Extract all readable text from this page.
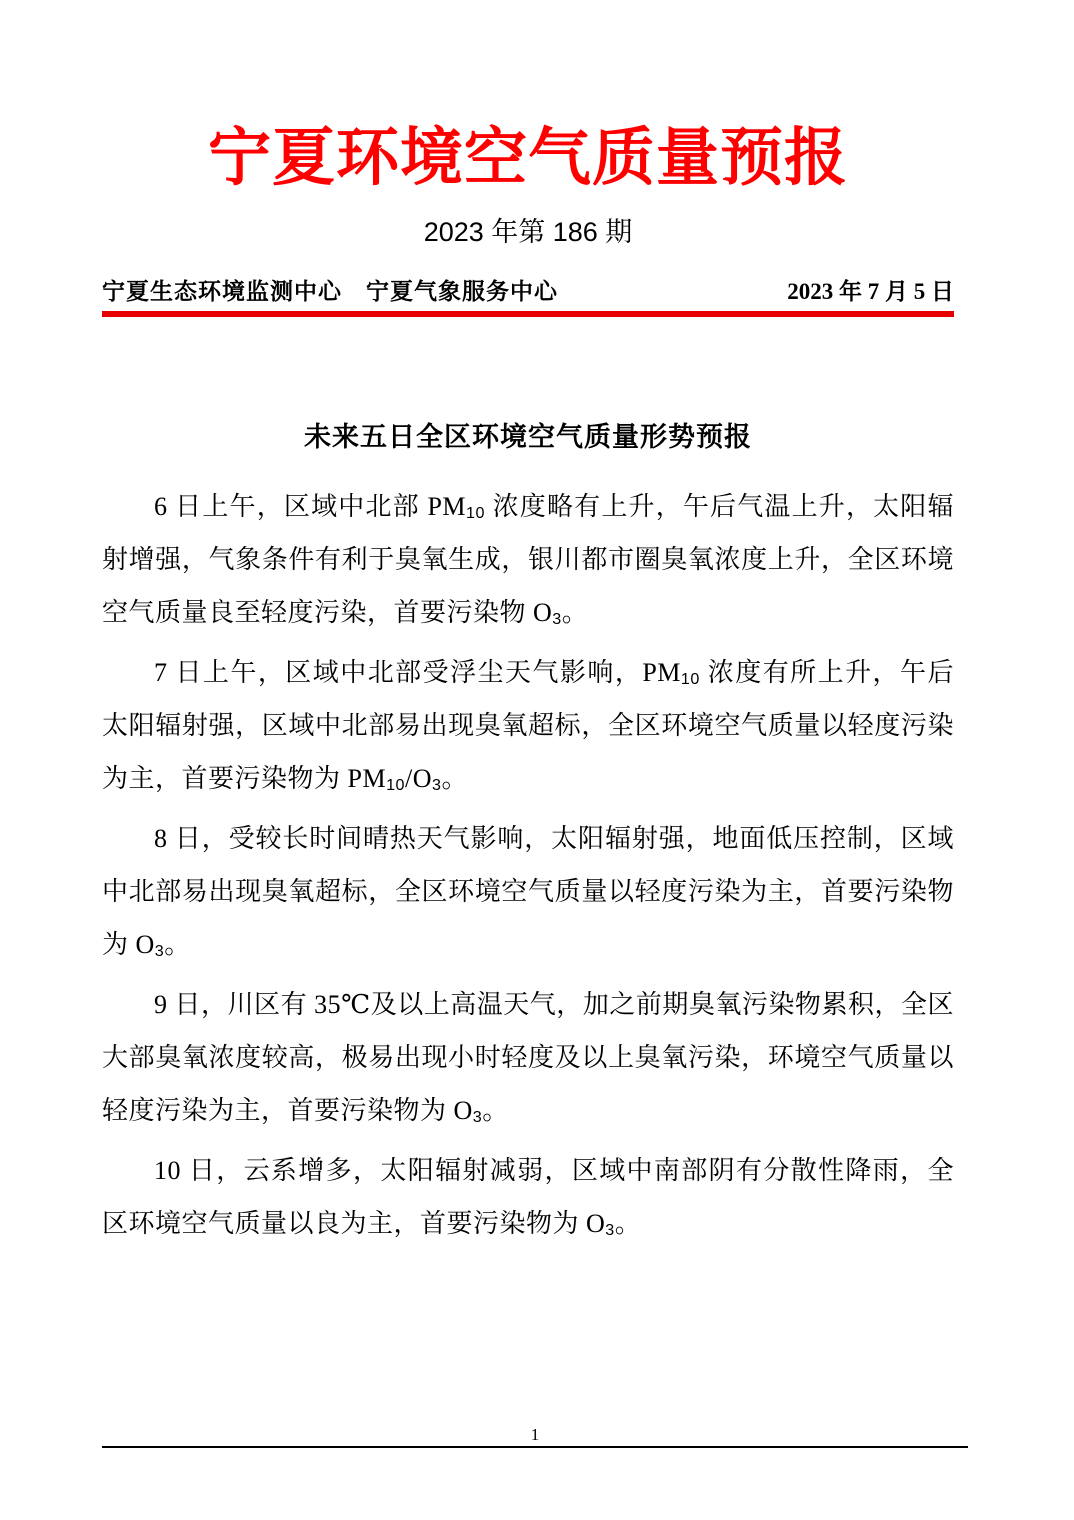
宁夏环境空气质量预报
2023 年第 186 期
宁夏生态环境监测中心　宁夏气象服务中心	2023 年 7 月 5 日
未来五日全区环境空气质量形势预报

6 日上午，区域中北部 $PM_{10}$ 浓度略有上升，午后气温上升，太阳辐射增强，气象条件有利于臭氧生成，银川都市圈臭氧浓度上升，全区环境空气质量良至轻度污染，首要污染物 $O_3$。

7 日上午，区域中北部受浮尘天气影响，$PM_{10}$ 浓度有所上升，午后太阳辐射强，区域中北部易出现臭氧超标，全区环境空气质量以轻度污染为主，首要污染物为 $PM_{10}/O_3$。

8 日，受较长时间晴热天气影响，太阳辐射强，地面低压控制，区域中北部易出现臭氧超标，全区环境空气质量以轻度污染为主，首要污染物为 $O_3$。

9 日，川区有 35℃及以上高温天气，加之前期臭氧污染物累积，全区大部臭氧浓度较高，极易出现小时轻度及以上臭氧污染，环境空气质量以轻度污染为主，首要污染物为 $O_3$。

10 日，云系增多，太阳辐射减弱，区域中南部阴有分散性降雨，全区环境空气质量以良为主，首要污染物为 $O_3$。

1
